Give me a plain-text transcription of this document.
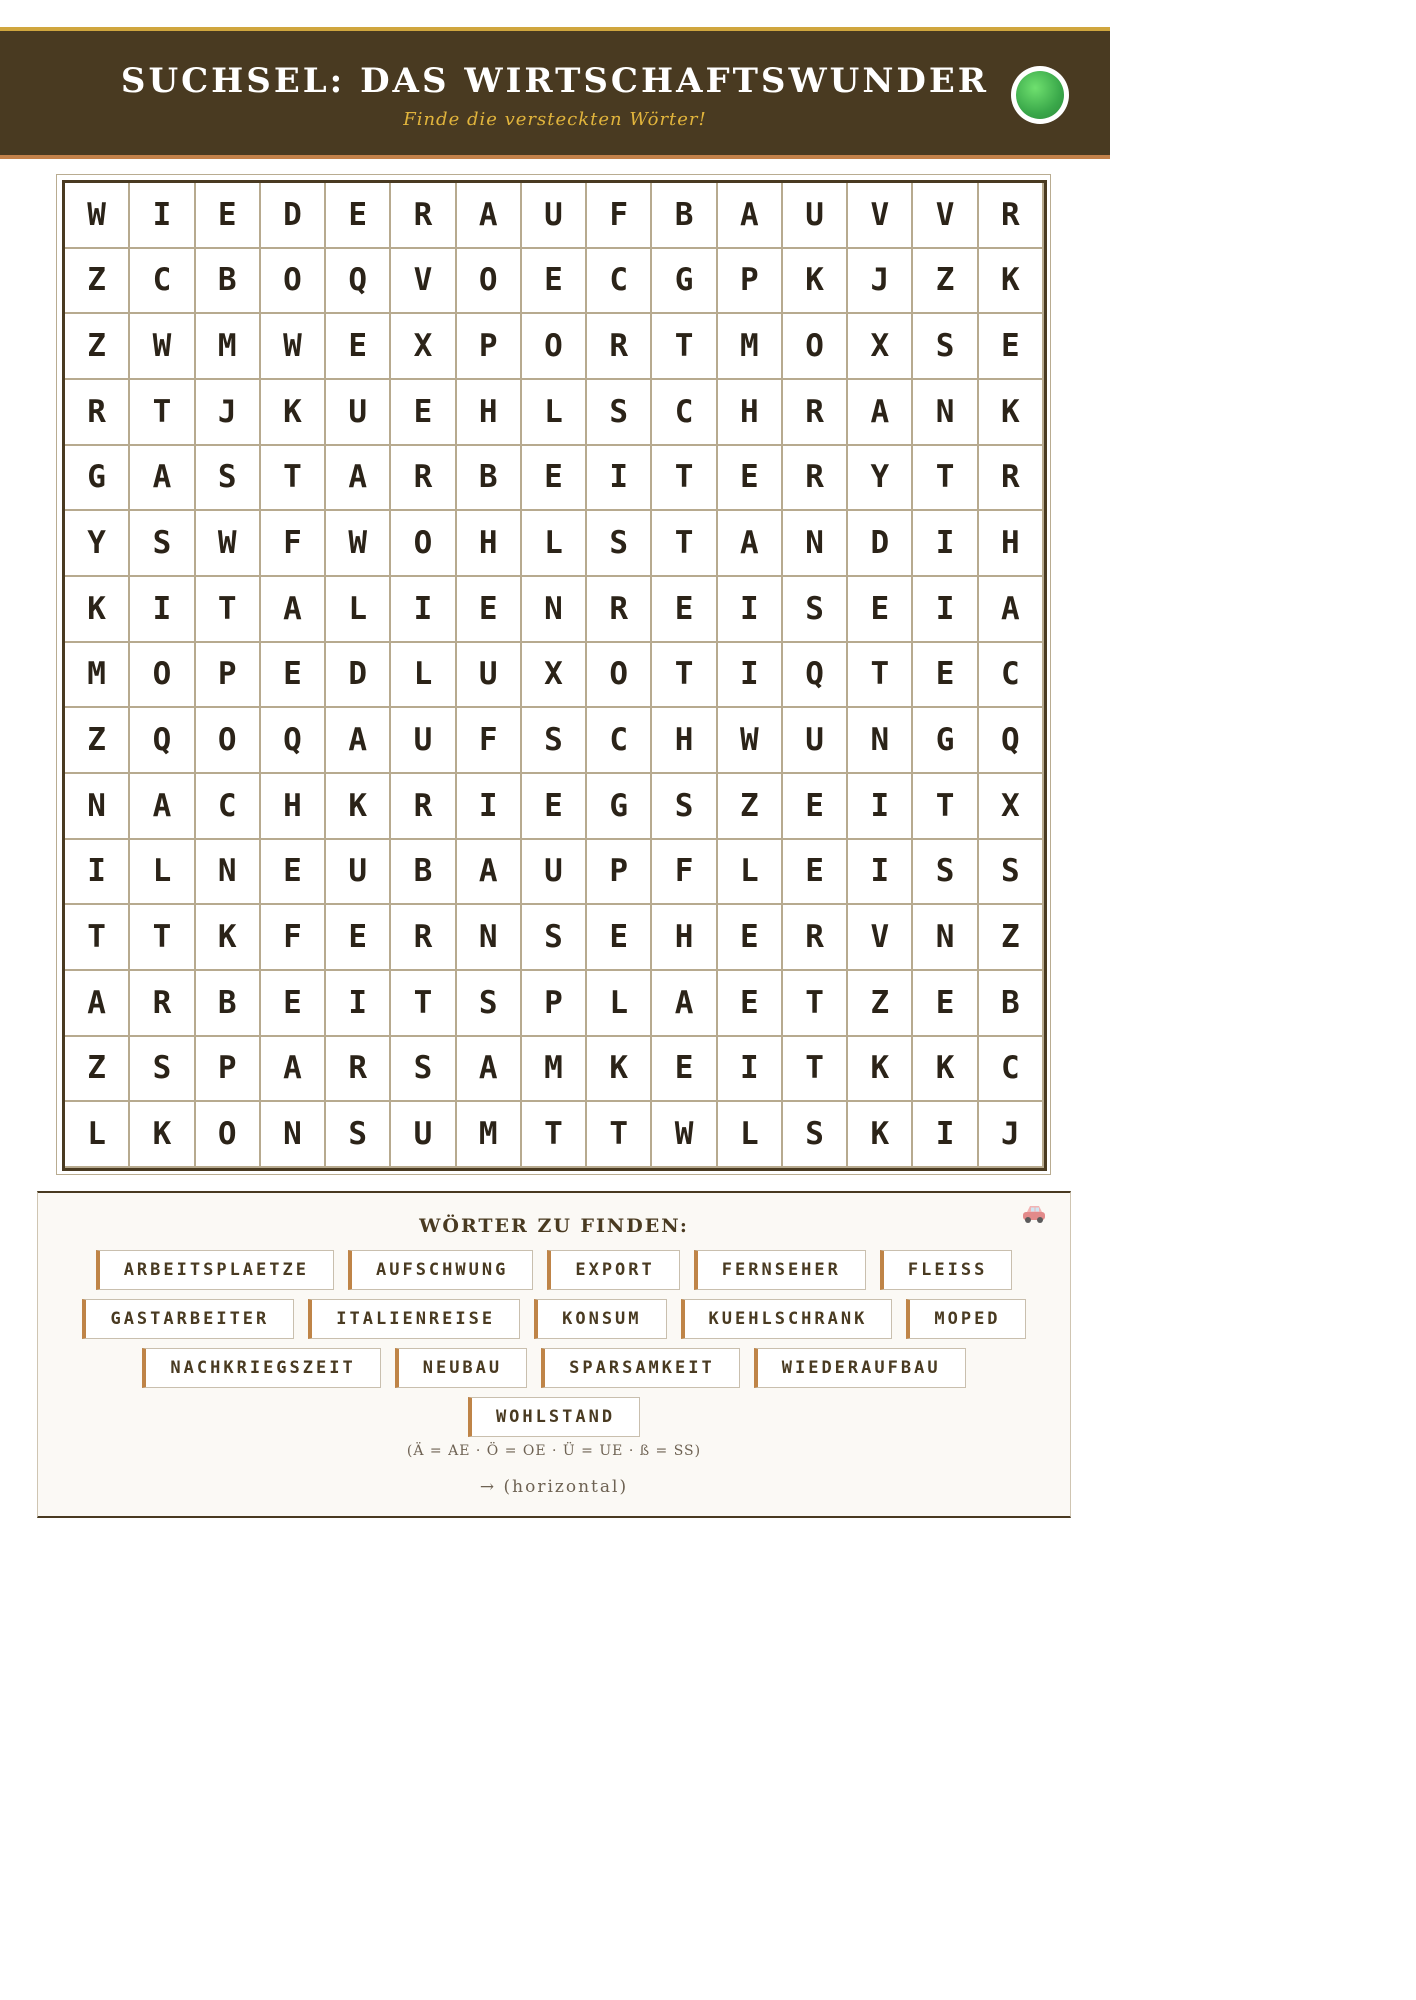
SUCHSEL: DAS WIRTSCHAFTSWUNDER
Finde die versteckten Wörter!
W	I	E	D	E	R	A	U	F	B	A	U	V	V	R
Z	C	B	O	Q	V	O	E	C	G	P	K	J	Z	K
Z	W	M	W	E	X	P	O	R	T	M	O	X	S	E
R	T	J	K	U	E	H	L	S	C	H	R	A	N	K
G	A	S	T	A	R	B	E	I	T	E	R	Y	T	R
Y	S	W	F	W	O	H	L	S	T	A	N	D	I	H
K	I	T	A	L	I	E	N	R	E	I	S	E	I	A
M	O	P	E	D	L	U	X	O	T	I	Q	T	E	C
Z	Q	O	Q	A	U	F	S	C	H	W	U	N	G	Q
N	A	C	H	K	R	I	E	G	S	Z	E	I	T	X
I	L	N	E	U	B	A	U	P	F	L	E	I	S	S
T	T	K	F	E	R	N	S	E	H	E	R	V	N	Z
A	R	B	E	I	T	S	P	L	A	E	T	Z	E	B
Z	S	P	A	R	S	A	M	K	E	I	T	K	K	C
L	K	O	N	S	U	M	T	T	W	L	S	K	I	J
WÖRTER ZU FINDEN:
ARBEITSPLAETZE	AUFSCHWUNG	EXPORT	FERNSEHER	FLEISS
GASTARBEITER	ITALIENREISE	KONSUM	KUEHLSCHRANK	MOPED
NACHKRIEGSZEIT	NEUBAU	SPARSAMKEIT	WIEDERAUFBAU
WOHLSTAND
(Ä = AE · Ö = OE · Ü = UE · ß = SS)
→ (horizontal)
